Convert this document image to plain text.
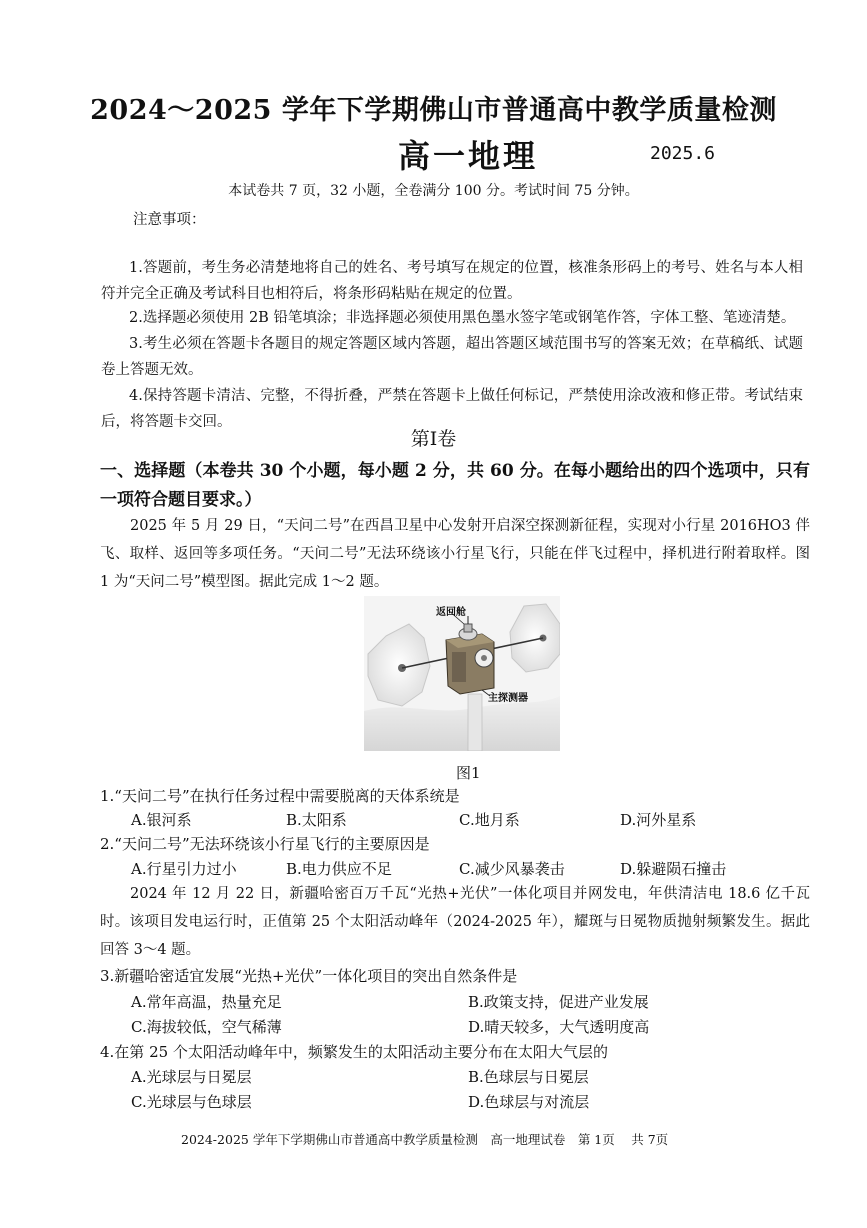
2024～2025 学年下学期佛山市普通高中教学质量检测
高一地理	2025.6
本试卷共 7 页，32 小题，全卷满分 100 分。考试时间 75 分钟。
注意事项：
1.答题前，考生务必清楚地将自己的姓名、考号填写在规定的位置，核准条形码上的考号、姓名与本人相符并完全正确及考试科目也相符后，将条形码粘贴在规定的位置。
2.选择题必须使用 2B 铅笔填涂；非选择题必须使用黑色墨水签字笔或钢笔作答，字体工整、笔迹清楚。
3.考生必须在答题卡各题目的规定答题区域内答题，超出答题区域范围书写的答案无效；在草稿纸、试题卷上答题无效。
4.保持答题卡清洁、完整，不得折叠，严禁在答题卡上做任何标记，严禁使用涂改液和修正带。考试结束后，将答题卡交回。
第Ⅰ卷
一、选择题（本卷共 30 个小题，每小题 2 分，共 60 分。在每小题给出的四个选项中，只有一项符合题目要求。）
2025 年 5 月 29 日，“天问二号”在西昌卫星中心发射开启深空探测新征程，实现对小行星 2016HO3 伴飞、取样、返回等多项任务。“天问二号”无法环绕该小行星飞行，只能在伴飞过程中，择机进行附着取样。图 1 为“天问二号”模型图。据此完成 1～2 题。
返回舱
主探测器
图1
1.“天问二号”在执行任务过程中需要脱离的天体系统是
A.银河系	B.太阳系	C.地月系	D.河外星系
2.“天问二号”无法环绕该小行星飞行的主要原因是
A.行星引力过小	B.电力供应不足	C.减少风暴袭击	D.躲避陨石撞击
2024 年 12 月 22 日，新疆哈密百万千瓦“光热+光伏”一体化项目并网发电，年供清洁电 18.6 亿千瓦时。该项目发电运行时，正值第 25 个太阳活动峰年（2024-2025 年），耀斑与日冕物质抛射频繁发生。据此回答 3～4 题。
3.新疆哈密适宜发展“光热+光伏”一体化项目的突出自然条件是
A.常年高温，热量充足	B.政策支持，促进产业发展
C.海拔较低，空气稀薄	D.晴天较多，大气透明度高
4.在第 25 个太阳活动峰年中，频繁发生的太阳活动主要分布在太阳大气层的
A.光球层与日冕层	B.色球层与日冕层
C.光球层与色球层	D.色球层与对流层
2024-2025 学年下学期佛山市普通高中教学质量检测　高一地理试卷　第 1页　 共 7页
